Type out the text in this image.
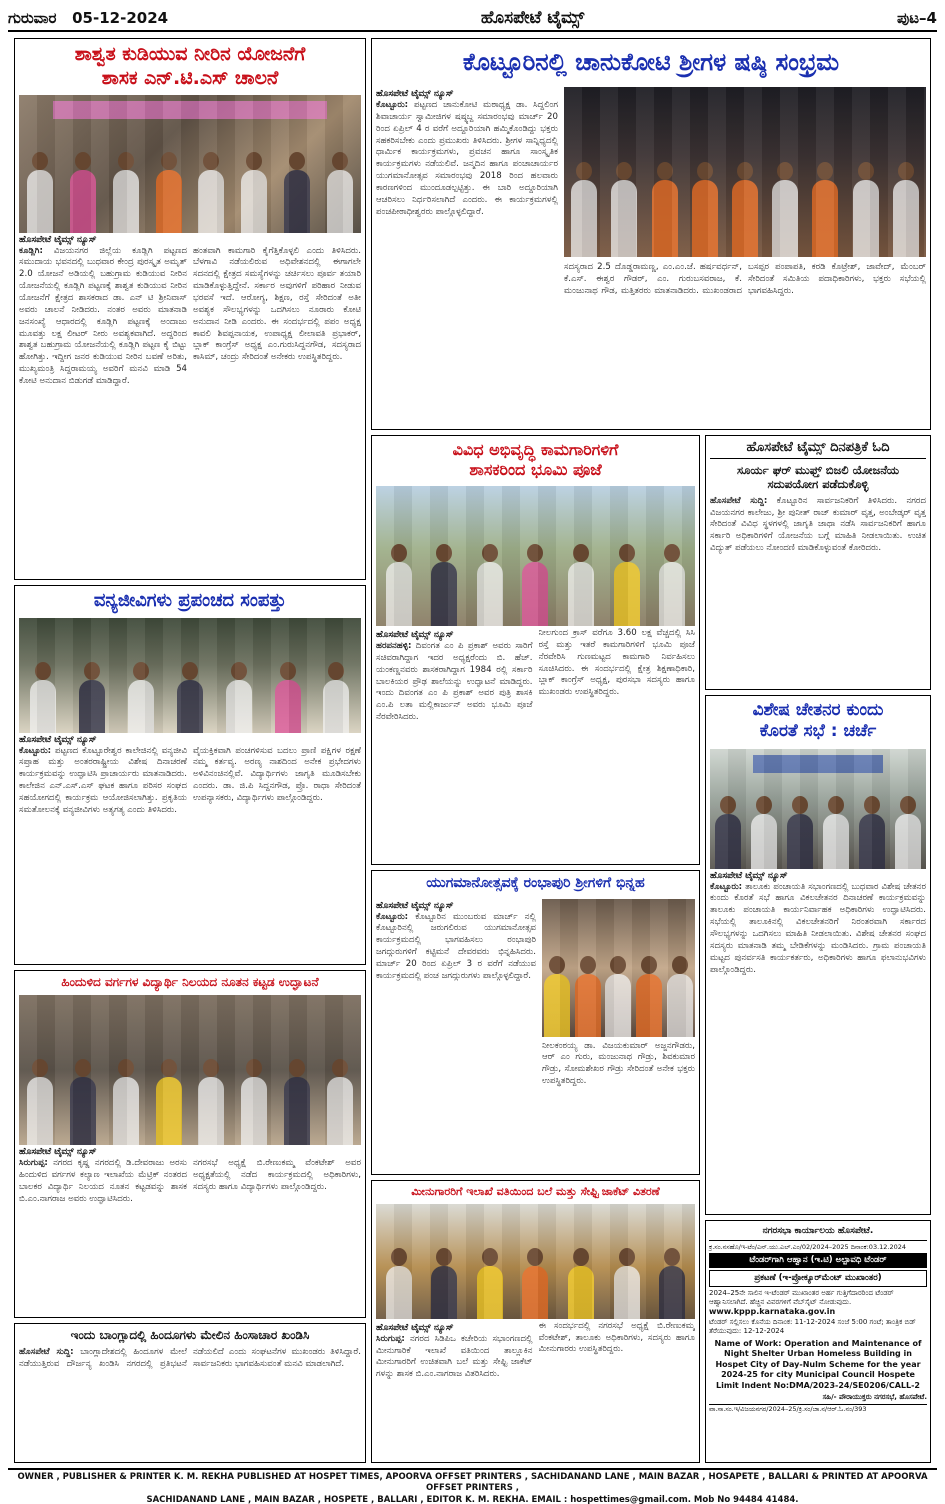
ಗುರುವಾರ 05-12-2024	ಹೊಸಪೇಟೆ ಟೈಮ್ಸ್	ಪುಟ–4
ಶಾಶ್ವತ ಕುಡಿಯುವ ನೀರಿನ ಯೋಜನೆಗೆ
ಶಾಸಕ ಎನ್.ಟಿ.ಎಸ್ ಚಾಲನೆ
ಹೊಸಪೇಟೆ ಟೈಮ್ಸ್ ನ್ಯೂಸ್
ಕೂಡ್ಲಿಗಿ: ವಿಜಯನಗರ ಜಿಲ್ಲೆಯ ಕೂಡ್ಲಿಗಿ ಪಟ್ಟಣದ ಸಮುದಾಯ ಭವನದಲ್ಲಿ ಬುಧವಾರ ಕೇಂದ್ರ ಪುರಸ್ಕೃತ ಅಮೃತ್ 2.0 ಯೋಜನೆ ಅಡಿಯಲ್ಲಿ ಬಹುಗ್ರಾಮ ಕುಡಿಯುವ ನೀರಿನ ಯೋಜನೆಯಲ್ಲಿ ಕೂಡ್ಲಿಗಿ ಪಟ್ಟಣಕ್ಕೆ ಶಾಶ್ವತ ಕುಡಿಯುವ ನೀರಿನ ಯೋಜನೆಗೆ ಕ್ಷೇತ್ರದ ಶಾಸಕರಾದ ಡಾ. ಎನ್ ಟಿ ಶ್ರೀನಿವಾಸ್ ಅವರು ಚಾಲನೆ ನೀಡಿದರು. ನಂತರ ಅವರು ಮಾತನಾಡಿ ಜನಸಂಖ್ಯೆ ಆಧಾರದಲ್ಲಿ ಕೂಡ್ಲಿಗಿ ಪಟ್ಟಣಕ್ಕೆ ಅಂದಾಜು ಮೂವತ್ತು ಲಕ್ಷ ಲೀಟರ್ ನೀರು ಅವಶ್ಯಕವಾಗಿದೆ. ಅದ್ದರಿಂದ ಶಾಶ್ವತ ಬಹುಗ್ರಾಮ ಯೋಜನೆಯಲ್ಲಿ ಕೂಡ್ಲಿಗಿ ಪಟ್ಟಣ ಕೈ ಬಿಟ್ಟು ಹೋಗಿತ್ತು. ಇದ್ದೀಗ ಜನರ ಕುಡಿಯುವ ನೀರಿನ ಬವಣೆ ಅರಿತು, ಮುಖ್ಯಮಂತ್ರಿ ಸಿದ್ದರಾಮಯ್ಯ ಅವರಿಗೆ ಮನವಿ ಮಾಡಿ 54 ಕೋಟಿ ಅನುದಾನ ಬಿಡುಗಡೆ ಮಾಡಿದ್ದಾರೆ.
ಹಂತವಾಗಿ ಕಾಮಗಾರಿ ಕೈಗೆತ್ತಿಕೊಳ್ಳಲಿ ಎಂದು ತಿಳಿಸಿದರು. ಬೆಳಗಾವಿ ನಡೆಯಲಿರುವ ಅಧಿವೇಶನದಲ್ಲಿ ಈಗಾಗಲೇ ಸದನದಲ್ಲಿ ಕ್ಷೇತ್ರದ ಸಮಸ್ಯೆಗಳನ್ನು ಚರ್ಚಿಸಲು ಪೂರ್ವ ತಯಾರಿ ಮಾಡಿಕೊಳ್ಳುತ್ತಿದ್ದೇನೆ. ಸರ್ಕಾರ ಅವುಗಳಿಗೆ ಪರಿಹಾರ ನೀಡುವ ಭರವಸೆ ಇದೆ. ಆರೋಗ್ಯ, ಶಿಕ್ಷಣ, ರಸ್ತೆ ಸೇರಿದಂತೆ ಅತೀ ಅವಶ್ಯಕ ಸೌಲಭ್ಯಗಳನ್ನು ಒದಗಿಸಲು ನೂರಾರು ಕೋಟಿ ಅನುದಾನ ನೀಡಿ ಎಂದರು. ಈ ಸಂದರ್ಭದಲ್ಲಿ ಪಪಂ ಅಧ್ಯಕ್ಷ ಕಾವಲಿ ಶಿವಪ್ಪನಾಯಕ, ಉಪಾಧ್ಯಕ್ಷ ಲೀಲಾವತಿ ಪ್ರಭಾಕರ್, ಬ್ಲಾಕ್ ಕಾಂಗ್ರೆಸ್ ಅಧ್ಯಕ್ಷ ಎಂ.ಗುರುಸಿದ್ದನಗೌಡ, ಸದಸ್ಯರಾದ ಕಾಸಿಮ್, ಚಂದ್ರು ಸೇರಿದಂತೆ ಅನೇಕರು ಉಪಸ್ಥಿತರಿದ್ದರು.
ವನ್ಯಜೀವಿಗಳು ಪ್ರಪಂಚದ ಸಂಪತ್ತು
ಹೊಸಪೇಟೆ ಟೈಮ್ಸ್ ನ್ಯೂಸ್
ಕೊಟ್ಟೂರು: ಪಟ್ಟಣದ ಕೊಟ್ಟೂರೇಶ್ವರ ಕಾಲೇಜಿನಲ್ಲಿ ವನ್ಯಜೀವಿ ಸಪ್ತಾಹ ಮತ್ತು ಅಂತರರಾಷ್ಟ್ರೀಯ ವಿಶೇಷ ದಿನಾಚರಣೆ ಕಾರ್ಯಕ್ರಮವನ್ನು ಉದ್ಘಾಟಿಸಿ ಪ್ರಾಚಾರ್ಯರು ಮಾತನಾಡಿದರು. ಕಾಲೇಜಿನ ಎನ್.ಎಸ್.ಎಸ್ ಘಟಕ ಹಾಗೂ ಪರಿಸರ ಸಂಘದ ಸಹಯೋಗದಲ್ಲಿ ಕಾರ್ಯಕ್ರಮ ಆಯೋಜಿಸಲಾಗಿತ್ತು. ಪ್ರಕೃತಿಯ ಸಮತೋಲನಕ್ಕೆ ವನ್ಯಜೀವಿಗಳು ಅತ್ಯಗತ್ಯ ಎಂದು ತಿಳಿಸಿದರು.
ವೈಯಕ್ತಿಕವಾಗಿ ಪಂಚಗಳಿಸುವ ಬದಲು ಪ್ರಾಣಿ ಪಕ್ಷಿಗಳ ರಕ್ಷಣೆ ನಮ್ಮ ಕರ್ತವ್ಯ. ಅರಣ್ಯ ನಾಶದಿಂದ ಅನೇಕ ಪ್ರಭೇದಗಳು ಅಳಿವಿನಂಚಿನಲ್ಲಿವೆ. ವಿದ್ಯಾರ್ಥಿಗಳು ಜಾಗೃತಿ ಮೂಡಿಸಬೇಕು ಎಂದರು. ಡಾ. ಜಿ.ಪಿ ಸಿದ್ದನಗೌಡ, ಪ್ರೊ. ರಾಧಾ ಸೇರಿದಂತೆ ಉಪನ್ಯಾಸಕರು, ವಿದ್ಯಾರ್ಥಿಗಳು ಪಾಲ್ಗೊಂಡಿದ್ದರು.
ಹಿಂದುಳಿದ ವರ್ಗಗಳ ವಿದ್ಯಾರ್ಥಿ ನಿಲಯದ ನೂತನ ಕಟ್ಟಡ ಉದ್ಘಾಟನೆ
ಹೊಸಪೇಟೆ ಟೈಮ್ಸ್ ನ್ಯೂಸ್
ಸಿರುಗುಪ್ಪ: ನಗರದ ಕೃಷ್ಣ ನಗರದಲ್ಲಿ ಡಿ.ದೇವರಾಜು ಅರಸು ಹಿಂದುಳಿದ ವರ್ಗಗಳ ಕಲ್ಯಾಣ ಇಲಾಖೆಯ ಮೆಟ್ರಿಕ್ ನಂತರದ ಬಾಲಕರ ವಿದ್ಯಾರ್ಥಿ ನಿಲಯದ ನೂತನ ಕಟ್ಟಡವನ್ನು ಶಾಸಕ ಬಿ.ಎಂ.ನಾಗರಾಜ ಅವರು ಉದ್ಘಾಟಿಸಿದರು.
ನಗರಸಭೆ ಅಧ್ಯಕ್ಷೆ ಬಿ.ರೇಣುಕಮ್ಮ ವೆಂಕಟೇಶ್ ಅವರ ಅಧ್ಯಕ್ಷತೆಯಲ್ಲಿ ನಡೆದ ಕಾರ್ಯಕ್ರಮದಲ್ಲಿ ಅಧಿಕಾರಿಗಳು, ಸದಸ್ಯರು ಹಾಗೂ ವಿದ್ಯಾರ್ಥಿಗಳು ಪಾಲ್ಗೊಂಡಿದ್ದರು.
ಇಂದು ಬಾಂಗ್ಲಾದಲ್ಲಿ ಹಿಂದೂಗಳು ಮೇಲಿನ ಹಿಂಸಾಚಾರ ಖಂಡಿಸಿ
ಹೊಸಪೇಟೆ ಸುದ್ದಿ: ಬಾಂಗ್ಲಾದೇಶದಲ್ಲಿ ಹಿಂದೂಗಳ ಮೇಲೆ ನಡೆಯುತ್ತಿರುವ ದೌರ್ಜನ್ಯ ಖಂಡಿಸಿ ನಗರದಲ್ಲಿ ಪ್ರತಿಭಟನೆ ನಡೆಯಲಿದೆ ಎಂದು ಸಂಘಟನೆಗಳ ಮುಖಂಡರು ತಿಳಿಸಿದ್ದಾರೆ. ಸಾರ್ವಜನಿಕರು ಭಾಗವಹಿಸುವಂತೆ ಮನವಿ ಮಾಡಲಾಗಿದೆ.
ಕೊಟ್ಟೂರಿನಲ್ಲಿ ಚಾನುಕೋಟಿ ಶ್ರೀಗಳ ಷಷ್ಠಿ ಸಂಭ್ರಮ
ಹೊಸಪೇಟೆ ಟೈಮ್ಸ್ ನ್ಯೂಸ್
ಕೊಟ್ಟೂರು: ಪಟ್ಟಣದ ಚಾನುಕೋಟಿ ಮಠಾಧ್ಯಕ್ಷ ಡಾ. ಸಿದ್ದಲಿಂಗ ಶಿವಾಚಾರ್ಯ ಸ್ವಾಮೀಜಿಗಳ ಷಷ್ಠ್ಯಬ್ದ ಸಮಾರಂಭವು ಮಾರ್ಚ್ 20 ರಿಂದ ಏಪ್ರಿಲ್ 4 ರ ವರೆಗೆ ಅದ್ದೂರಿಯಾಗಿ ಹಮ್ಮಿಕೊಂಡಿದ್ದು ಭಕ್ತರು ಸಹಕರಿಸಬೇಕು ಎಂದು ಪ್ರಮುಖರು ತಿಳಿಸಿದರು. ಶ್ರೀಗಳ ಸಾನ್ನಿಧ್ಯದಲ್ಲಿ ಧಾರ್ಮಿಕ ಕಾರ್ಯಕ್ರಮಗಳು, ಪ್ರವಚನ ಹಾಗೂ ಸಾಂಸ್ಕೃತಿಕ ಕಾರ್ಯಕ್ರಮಗಳು ನಡೆಯಲಿವೆ. ಜನ್ಮದಿನ ಹಾಗೂ ಪಂಚಾಚಾರ್ಯರ ಯುಗಮಾನೋತ್ಸವ ಸಮಾರಂಭವು 2018 ರಿಂದ ಹಲವಾರು ಕಾರಣಗಳಿಂದ ಮುಂದೂಡಲ್ಪಟ್ಟಿತ್ತು. ಈ ಬಾರಿ ಅದ್ದೂರಿಯಾಗಿ ಆಚರಿಸಲು ನಿರ್ಧರಿಸಲಾಗಿದೆ ಎಂದರು. ಈ ಕಾರ್ಯಕ್ರಮಗಳಲ್ಲಿ ಪಂಚಪೀಠಾಧೀಶ್ವರರು ಪಾಲ್ಗೊಳ್ಳಲಿದ್ದಾರೆ.
ಸದಸ್ಯರಾದ 2.5 ದೊಡ್ಡರಾಮಣ್ಣ, ಎಂ.ಎಂ.ಜೆ. ಹರ್ಷವರ್ಧನ್, ಕೆ.ಎಸ್. ಈಶ್ವರ ಗೌಡರ್, ಎಂ. ಗುರುಬಸವರಾಜ, ಕೆ. ಮಂಜುನಾಥ ಗೌಡ, ಮತ್ತಿತರರು ಮಾತನಾಡಿದರು. ಮುಖಂಡರಾದ ಬಸಪ್ಪರ ಪಂಪಾಪತಿ, ಕರಡಿ ಕೊಟ್ರೇಶ್, ಜಾವೇದ್, ಮೆಂಬರ್ ಸೇರಿದಂತೆ ಸಮಿತಿಯ ಪದಾಧಿಕಾರಿಗಳು, ಭಕ್ತರು ಸಭೆಯಲ್ಲಿ ಭಾಗವಹಿಸಿದ್ದರು.
ವಿವಿಧ ಅಭಿವೃದ್ಧಿ ಕಾಮಗಾರಿಗಳಿಗೆ
ಶಾಸಕರಿಂದ ಭೂಮಿ ಪೂಜೆ
ಹೊಸಪೇಟೆ ಟೈಮ್ಸ್ ನ್ಯೂಸ್
ಹರಪನಹಳ್ಳಿ: ದಿವಂಗತ ಎಂ ಪಿ ಪ್ರಕಾಶ್ ಅವರು ಸಾರಿಗೆ ಸಚಿವರಾಗಿದ್ದಾಗ ಇದರ ಅಧ್ಯಕ್ಷರೆಂದು ಬಿ. ಹೆಚ್. ಯಂಕಣ್ಣನವರು ಶಾಸಕರಾಗಿದ್ದಾಗ 1984 ರಲ್ಲಿ ಸರ್ಕಾರಿ ಬಾಲಕಿಯರ ಪ್ರೌಢ ಶಾಲೆಯನ್ನು ಉದ್ಘಾಟನೆ ಮಾಡಿದ್ದರು. ಇಂದು ದಿವಂಗತ ಎಂ ಪಿ ಪ್ರಕಾಶ್ ಅವರ ಪುತ್ರಿ ಶಾಸಕಿ ಎಂ.ಪಿ ಲತಾ ಮಲ್ಲಿಕಾರ್ಜುನ್ ಅವರು ಭೂಮಿ ಪೂಜೆ ನೆರವೇರಿಸಿದರು.
ನೀಲಗುಂದ ಕ್ರಾಸ್ ವರೆಗೂ 3.60 ಲಕ್ಷ ವೆಚ್ಚದಲ್ಲಿ ಸಿಸಿ ರಸ್ತೆ ಮತ್ತು ಇತರೆ ಕಾಮಗಾರಿಗಳಿಗೆ ಭೂಮಿ ಪೂಜೆ ನೆರವೇರಿಸಿ ಗುಣಮಟ್ಟದ ಕಾಮಗಾರಿ ನಿರ್ವಹಿಸಲು ಸೂಚಿಸಿದರು. ಈ ಸಂದರ್ಭದಲ್ಲಿ ಕ್ಷೇತ್ರ ಶಿಕ್ಷಣಾಧಿಕಾರಿ, ಬ್ಲಾಕ್ ಕಾಂಗ್ರೆಸ್ ಅಧ್ಯಕ್ಷ, ಪುರಸಭಾ ಸದಸ್ಯರು ಹಾಗೂ ಮುಖಂಡರು ಉಪಸ್ಥಿತರಿದ್ದರು.
ಯುಗಮಾನೋತ್ಸವಕ್ಕೆ ರಂಭಾಪುರಿ ಶ್ರೀಗಳಿಗೆ ಭಿನ್ನಹ
ಹೊಸಪೇಟೆ ಟೈಮ್ಸ್ ನ್ಯೂಸ್
ಕೊಟ್ಟೂರು: ಕೊಟ್ಟೂರಿನ ಮುಂಬರುವ ಮಾರ್ಚ್ ನಲ್ಲಿ ಕೊಟ್ಟೂರಿನಲ್ಲಿ ಜರುಗಲಿರುವ ಯುಗಮಾನೋತ್ಸವ ಕಾರ್ಯಕ್ರಮದಲ್ಲಿ ಭಾಗವಹಿಸಲು ರಂಭಾಪುರಿ ಜಗದ್ಗುರುಗಳಿಗೆ ಕಟ್ಟಿಮನೆ ದೇವರವರು ಭಿನ್ನಹಿಸಿದರು. ಮಾರ್ಚ್ 20 ರಿಂದ ಏಪ್ರಿಲ್ 3 ರ ವರೆಗೆ ನಡೆಯುವ ಕಾರ್ಯಕ್ರಮದಲ್ಲಿ ಪಂಚ ಜಗದ್ಗುರುಗಳು ಪಾಲ್ಗೊಳ್ಳಲಿದ್ದಾರೆ.
ನೀಲಕಂಠಯ್ಯ ಡಾ. ವಿಜಯಕುಮಾರ್ ಅಜ್ಜನಗೌಡರು, ಆರ್ ಎಂ ಗುರು, ಮಂಜುನಾಥ ಗೌಡ್ರು, ಶಿವಕುಮಾರ ಗೌಡ್ರು, ಸೋಮಶೇಖರ ಗೌಡ್ರು ಸೇರಿದಂತೆ ಅನೇಕ ಭಕ್ತರು ಉಪಸ್ಥಿತರಿದ್ದರು.
ಮೀನುಗಾರರಿಗೆ ಇಲಾಖೆ ವತಿಯಿಂದ ಬಲೆ ಮತ್ತು ಸೇಫ್ಟಿ ಜಾಕೆಟ್ ವಿತರಣೆ
ಹೊಸಪೇಟೆ ಟೈಮ್ಸ್ ನ್ಯೂಸ್
ಸಿರುಗುಪ್ಪ: ನಗರದ ಸಿಡಿಪಿಒ ಕಚೇರಿಯ ಸಭಾಂಗಣದಲ್ಲಿ ಮೀನುಗಾರಿಕೆ ಇಲಾಖೆ ವತಿಯಿಂದ ತಾಲ್ಲೂಕಿನ ಮೀನುಗಾರರಿಗೆ ಉಚಿತವಾಗಿ ಬಲೆ ಮತ್ತು ಸೇಫ್ಟಿ ಜಾಕೆಟ್ ಗಳನ್ನು ಶಾಸಕ ಬಿ.ಎಂ.ನಾಗರಾಜ ವಿತರಿಸಿದರು.
ಈ ಸಂದರ್ಭದಲ್ಲಿ ನಗರಸಭೆ ಅಧ್ಯಕ್ಷೆ ಬಿ.ರೇಣುಕಮ್ಮ ವೆಂಕಟೇಶ್, ತಾಲೂಕು ಅಧಿಕಾರಿಗಳು, ಸದಸ್ಯರು ಹಾಗೂ ಮೀನುಗಾರರು ಉಪಸ್ಥಿತರಿದ್ದರು.
ಹೊಸಪೇಟೆ ಟೈಮ್ಸ್ ದಿನಪತ್ರಿಕೆ ಓದಿ
ಸೂರ್ಯ ಘರ್ ಮುಫ್ತ್ ಬಿಜಲಿ ಯೋಜನೆಯ
ಸದುಪಯೋಗ ಪಡೆದುಕೊಳ್ಳಿ
ಹೊಸಪೇಟೆ ಸುದ್ದಿ: ಕೊಟ್ಟೂರಿನ ಸಾರ್ವಜನಿಕರಿಗೆ ತಿಳಿಸಿದರು. ನಗರದ ವಿಜಯನಗರ ಕಾಲೇಜು, ಶ್ರೀ ಪುನೀತ್ ರಾಜ್ ಕುಮಾರ್ ವೃತ್ತ, ಅಂಬೇಡ್ಕರ್ ವೃತ್ತ ಸೇರಿದಂತೆ ವಿವಿಧ ಸ್ಥಳಗಳಲ್ಲಿ ಜಾಗೃತಿ ಜಾಥಾ ನಡೆಸಿ ಸಾರ್ವಜನಿಕರಿಗೆ ಹಾಗೂ ಸರ್ಕಾರಿ ಅಧಿಕಾರಿಗಳಿಗೆ ಯೋಜನೆಯ ಬಗ್ಗೆ ಮಾಹಿತಿ ನೀಡಲಾಯಿತು. ಉಚಿತ ವಿದ್ಯುತ್ ಪಡೆಯಲು ನೋಂದಣಿ ಮಾಡಿಕೊಳ್ಳುವಂತೆ ಕೋರಿದರು.
ವಿಶೇಷ ಚೇತನರ ಕುಂದು
ಕೊರತೆ ಸಭೆ : ಚರ್ಚೆ
ಹೊಸಪೇಟೆ ಟೈಮ್ಸ್ ನ್ಯೂಸ್
ಕೊಟ್ಟೂರು: ತಾಲೂಕು ಪಂಚಾಯತಿ ಸಭಾಂಗಣದಲ್ಲಿ ಬುಧವಾರ ವಿಶೇಷ ಚೇತನರ ಕುಂದು ಕೊರತೆ ಸಭೆ ಹಾಗೂ ವಿಕಲಚೇತನರ ದಿನಾಚರಣೆ ಕಾರ್ಯಕ್ರಮವನ್ನು ತಾಲೂಕು ಪಂಚಾಯತಿ ಕಾರ್ಯನಿರ್ವಾಹಕ ಅಧಿಕಾರಿಗಳು ಉದ್ಘಾಟಿಸಿದರು. ಸಭೆಯಲ್ಲಿ ತಾಲೂಕಿನಲ್ಲಿ ವಿಕಲಚೇತನರಿಗೆ ನಿರಂತರವಾಗಿ ಸರ್ಕಾರದ ಸೌಲಭ್ಯಗಳನ್ನು ಒದಗಿಸಲು ಮಾಹಿತಿ ನೀಡಲಾಯಿತು. ವಿಶೇಷ ಚೇತನರ ಸಂಘದ ಸದಸ್ಯರು ಮಾತನಾಡಿ ತಮ್ಮ ಬೇಡಿಕೆಗಳನ್ನು ಮಂಡಿಸಿದರು. ಗ್ರಾಮ ಪಂಚಾಯತಿ ಮಟ್ಟದ ಪುನರ್ವಸತಿ ಕಾರ್ಯಕರ್ತರು, ಅಧಿಕಾರಿಗಳು ಹಾಗೂ ಫಲಾನುಭವಿಗಳು ಪಾಲ್ಗೊಂಡಿದ್ದರು.
ನಗರಸಭಾ ಕಾರ್ಯಾಲಯ ಹೊಸಪೇಟೆ.
ಕ್ರ.ಸಂ.ನಸಹೊ/ಇ-ಟೆಂ/ಎನ್.ಯು.ಎಲ್.ಎಂ/02/2024–2025 ದಿನಾಂಕ:03.12.2024
ಟೆಂಡರ್‌ಗಾಗಿ ಆಹ್ವಾನ (ಇ.ಟಿ) ಅಲ್ಪಾವಧಿ ಟೆಂಡರ್
ಪ್ರಕಟಣೆ (ಇ-ಪ್ರೋಕ್ಯೂರ್‌ಮೆಂಟ್ ಮುಖಾಂತರ)
2024–25ನೇ ಸಾಲಿನ ಇ-ಟೆಂಡರ್ ಮುಖಾಂತರ ಅರ್ಹ ಗುತ್ತಿಗೆದಾರರಿಂದ ಟೆಂಡರ್ ಆಹ್ವಾನಿಸಲಾಗಿದೆ. ಹೆಚ್ಚಿನ ವಿವರಗಳಿಗೆ ವೆಬ್‌ಸೈಟ್ ನೋಡುವುದು.
www.kppp.karnataka.gov.in
ಟೆಂಡರ್ ಸಲ್ಲಿಸಲು ಕೊನೆಯ ದಿನಾಂಕ: 11-12-2024 ಸಂಜೆ 5:00 ಗಂಟೆ; ತಾಂತ್ರಿಕ ಬಿಡ್ ತೆರೆಯುವುದು: 12-12-2024
Name of Work: Operation and Maintenance of Night Shelter Urban Homeless Building in Hospet City of Day-Nulm Scheme for the year 2024-25 for city Municipal Council Hospete Limit Indent No:DMA/2023-24/SE0206/CALL-2
ಸಹಿ/- ಪೌರಾಯುಕ್ತರು ನಗರಸಭೆ, ಹೊಸಪೇಟೆ.
ವಾ.ಸಾ.ಸಂ.ಇ/ವಿಜಯನಗರ/2024–25/ಕ್ರಿ.ಸಂ/ಜಾ.ನ/ಆರ್.ಓ.ನಂ/393
OWNER , PUBLISHER & PRINTER K. M. REKHA PUBLISHED AT HOSPET TIMES, APOORVA OFFSET PRINTERS , SACHIDANAND LANE , MAIN BAZAR , HOSAPETE , BALLARI & PRINTED AT APOORVA OFFSET PRINTERS ,
SACHIDANAND LANE , MAIN BAZAR , HOSPETE , BALLARI , EDITOR K. M. REKHA. EMAIL : hospettimes@gmail.com. Mob No 94484 41484.
